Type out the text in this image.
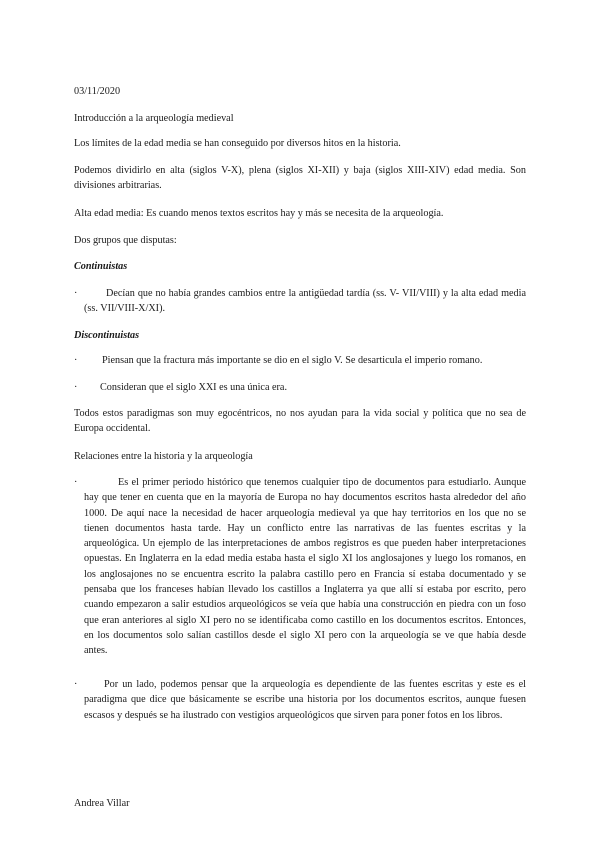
03/11/2020

Introducción a la arqueología medieval

Los límites de la edad media se han conseguido por diversos hitos en la historia.

Podemos dividirlo en alta (siglos V-X), plena (siglos XI-XII) y baja (siglos XIII-XIV) edad media. Son divisiones arbitrarias.

Alta edad media: Es cuando menos textos escritos hay y más se necesita de la arqueología.

Dos grupos que disputas:

Continuistas

·	Decían que no había grandes cambios entre la antigüedad tardía (ss. V- VII/VIII) y la alta edad media (ss. VII/VIII-X/XI).

Discontinuistas

·	Piensan que la fractura más importante se dio en el siglo V. Se desarticula el imperio romano.
·	Consideran que el siglo XXI es una única era.

Todos estos paradigmas son muy egocéntricos, no nos ayudan para la vida social y política que no sea de Europa occidental.

Relaciones entre la historia y la arqueología

·	Es el primer periodo histórico que tenemos cualquier tipo de documentos para estudiarlo. Aunque hay que tener en cuenta que en la mayoría de Europa no hay documentos escritos hasta alrededor del año 1000. De aquí nace la necesidad de hacer arqueología medieval ya que hay territorios en los que no se tienen documentos hasta tarde. Hay un conflicto entre las narrativas de las fuentes escritas y la arqueológica. Un ejemplo de las interpretaciones de ambos registros es que pueden haber interpretaciones opuestas. En Inglaterra en la edad media estaba hasta el siglo XI los anglosajones y luego los romanos, en los anglosajones no se encuentra escrito la palabra castillo pero en Francia sí estaba documentado y se pensaba que los franceses habían llevado los castillos a Inglaterra ya que allí sí estaba por escrito, pero cuando empezaron a salir estudios arqueológicos se veía que había una construcción en piedra con un foso que eran anteriores al siglo XI pero no se identificaba como castillo en los documentos escritos. Entonces, en los documentos solo salían castillos desde el siglo XI pero con la arqueología se ve que había desde antes.
·	Por un lado, podemos pensar que la arqueología es dependiente de las fuentes escritas y este es el paradigma que dice que básicamente se escribe una historia por los documentos escritos, aunque fuesen escasos y después se ha ilustrado con vestigios arqueológicos que sirven para poner fotos en los libros.
Andrea Villar
